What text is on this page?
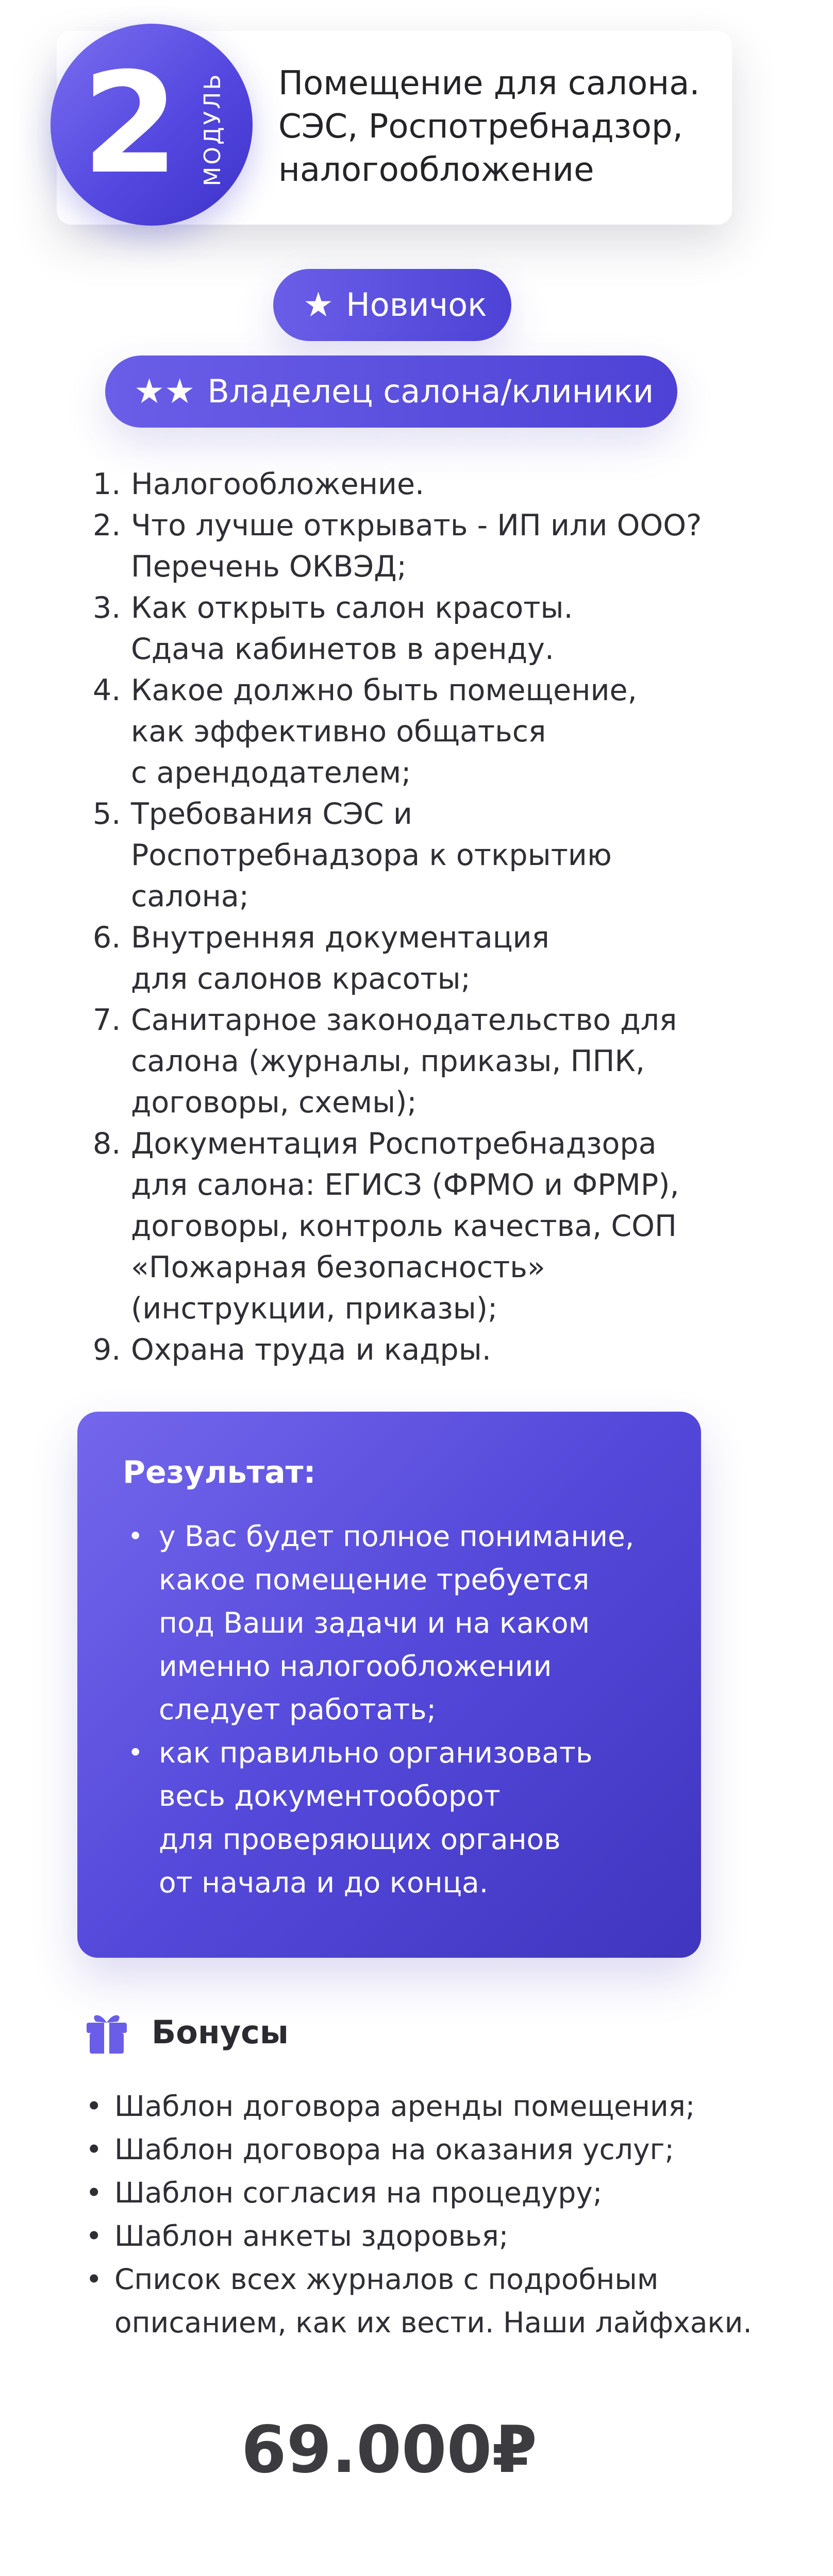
2 МОДУЛЬ Помещение для салона.
СЭС, Роспотребнадзор,
налогообложение
★ Новичок
★★ Владелец салона/клиники
1. Налогообложение.
2. Что лучше открывать - ИП или ООО?
Перечень ОКВЭД;
3. Как открыть салон красоты.
Сдача кабинетов в аренду.
4. Какое должно быть помещение,
как эффективно общаться
с арендодателем;
5. Требования СЭС и
Роспотребнадзора к открытию
салона;
6. Внутренняя документация
для салонов красоты;
7. Санитарное законодательство для
салона (журналы, приказы, ППК,
договоры, схемы);
8. Документация Роспотребнадзора
для салона: ЕГИСЗ (ФРМО и ФРМР),
договоры, контроль качества, СОП
«Пожарная безопасность»
(инструкции, приказы);
9. Охрана труда и кадры.
Результат:
• у Вас будет полное понимание,
какое помещение требуется
под Ваши задачи и на каком
именно налогообложении
следует работать;
• как правильно организовать
весь документооборот
для проверяющих органов
от начала и до конца.
Бонусы
• Шаблон договора аренды помещения;
• Шаблон договора на оказания услуг;
• Шаблон согласия на процедуру;
• Шаблон анкеты здоровья;
• Список всех журналов с подробным
описанием, как их вести. Наши лайфхаки.
69.000₽
